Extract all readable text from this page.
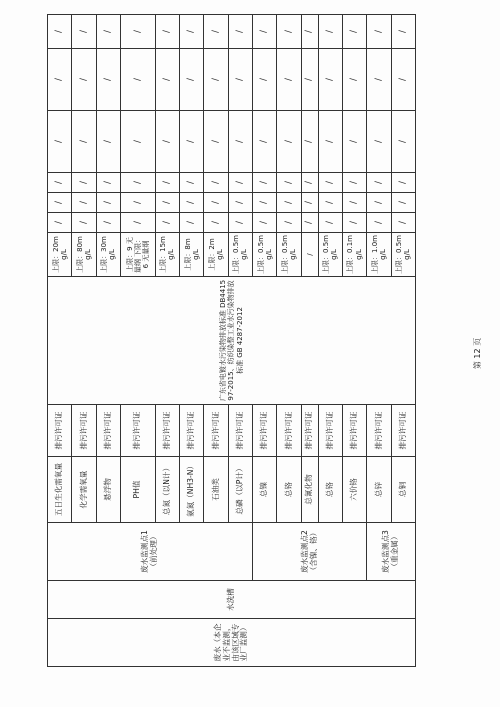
废水（本企业不监测，由该区域专业厂监测）	水洗槽	废水监测点1（前处理）	五日生化需氧量	排污许可证	广东省电镀水污染物排放标准 DB441597-2015、纺织染整工业水污染物排放标准 GB 4287-2012	上限：20mg/L	/	/	/	/	/	/
			化学需氧量	排污许可证		上限：80mg/L	/	/	/	/	/	/
			悬浮物	排污许可证		上限：30mg/L	/	/	/	/	/	/
			PH值	排污许可证		上限：9 无量纲 下限：6 无量纲	/	/	/	/	/	/
			总氮（以N计）	排污许可证		上限：15mg/L	/	/	/	/	/	/
			氨氮（NH3-N）	排污许可证		上限：8mg/L	/	/	/	/	/	/
			石油类	排污许可证		上限：2mg/L	/	/	/	/	/	/
			总磷（以P计）	排污许可证		上限：0.5mg/L	/	/	/	/	/	/
		废水监测点2（含镍、铬）	总镍	排污许可证		上限：0.5mg/L	/	/	/	/	/	/
			总铬	排污许可证		上限：0.5mg/L	/	/	/	/	/	/
			总氰化物	排污许可证		/	/	/	/	/	/	/
			总铬	排污许可证		上限：0.5mg/L	/	/	/	/	/	/
			六价铬	排污许可证		上限：0.1mg/L	/	/	/	/	/	/
		废水监测点3（重金属）	总锌	排污许可证		上限：1.0mg/L	/	/	/	/	/	/
			总铜	排污许可证		上限：0.5mg/L	/	/	/	/	/	/
第 12 页
